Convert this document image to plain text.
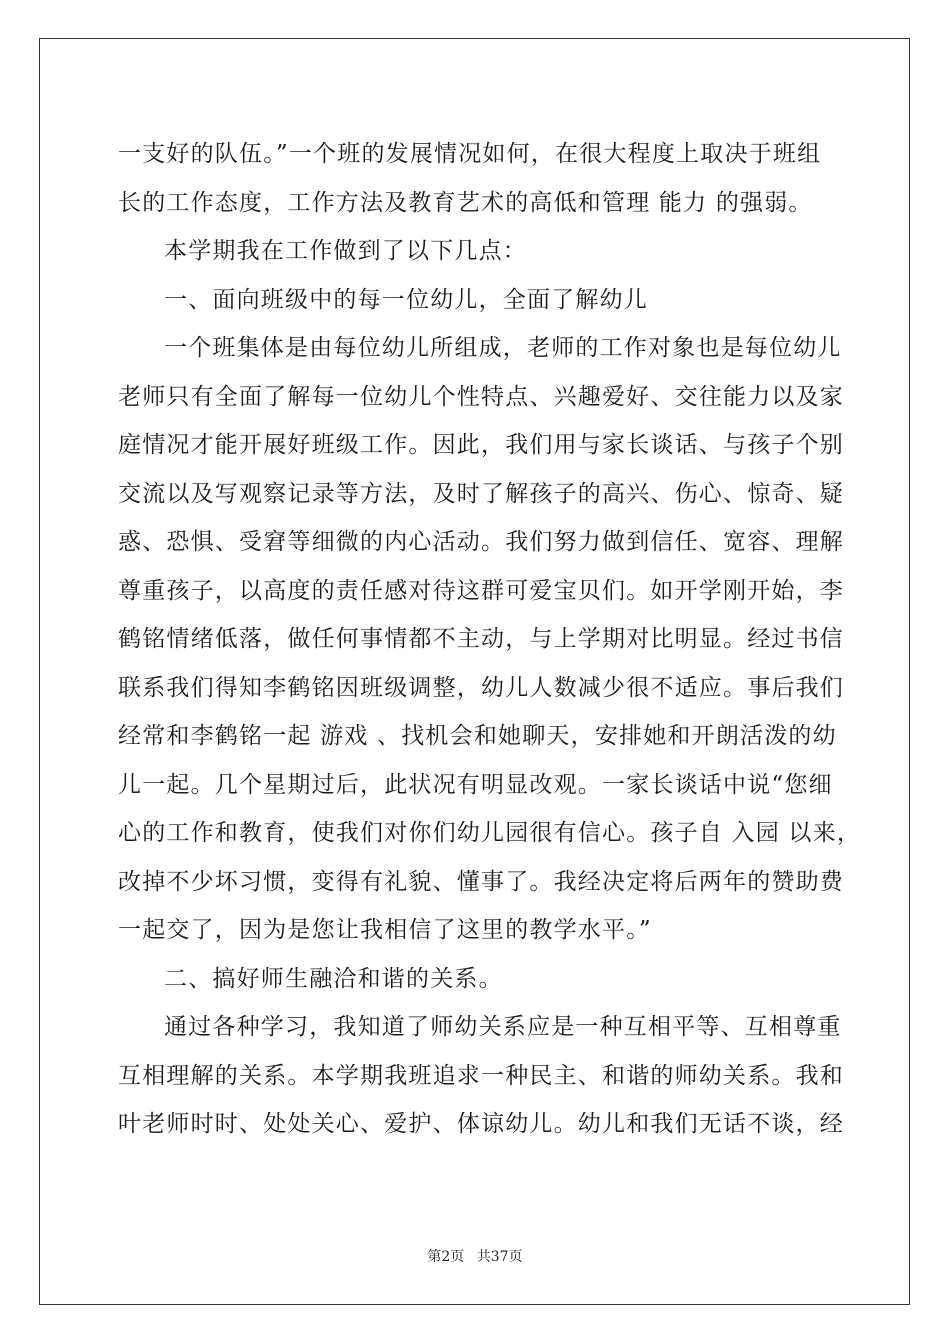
一支好的队伍。”一个班的发展情况如何，在很大程度上取决于班组
长的工作态度，工作方法及教育艺术的高低和管理 能力 的强弱。
本学期我在工作做到了以下几点：
一、面向班级中的每一位幼儿，全面了解幼儿
一个班集体是由每位幼儿所组成，老师的工作对象也是每位幼儿
老师只有全面了解每一位幼儿个性特点、兴趣爱好、交往能力以及家
庭情况才能开展好班级工作。因此，我们用与家长谈话、与孩子个别
交流以及写观察记录等方法，及时了解孩子的高兴、伤心、惊奇、疑
惑、恐惧、受窘等细微的内心活动。我们努力做到信任、宽容、理解
尊重孩子，以高度的责任感对待这群可爱宝贝们。如开学刚开始，李
鹤铭情绪低落，做任何事情都不主动，与上学期对比明显。经过书信
联系我们得知李鹤铭因班级调整，幼儿人数减少很不适应。事后我们
经常和李鹤铭一起 游戏 、找机会和她聊天，安排她和开朗活泼的幼
儿一起。几个星期过后，此状况有明显改观。一家长谈话中说“您细
心的工作和教育，使我们对你们幼儿园很有信心。孩子自 入园 以来，
改掉不少坏习惯，变得有礼貌、懂事了。我经决定将后两年的赞助费
一起交了，因为是您让我相信了这里的教学水平。”
二、搞好师生融洽和谐的关系。
通过各种学习，我知道了师幼关系应是一种互相平等、互相尊重
互相理解的关系。本学期我班追求一种民主、和谐的师幼关系。我和
叶老师时时、处处关心、爱护、体谅幼儿。幼儿和我们无话不谈，经
第2页 共37页
